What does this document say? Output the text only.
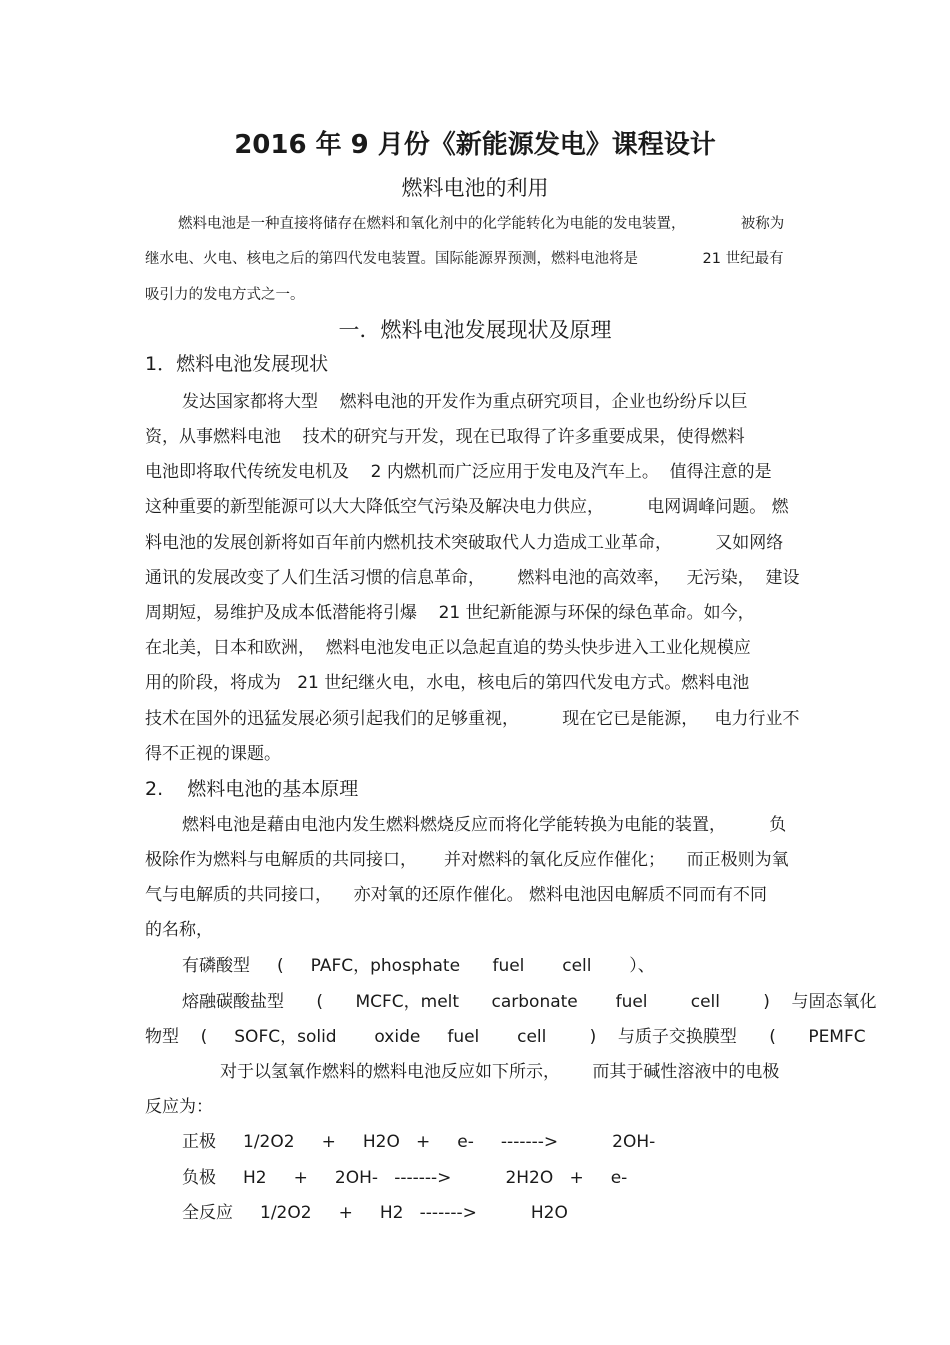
2016 年 9 月份《新能源发电》课程设计
燃料电池的利用
燃料电池是一种直接将储存在燃料和氧化剂中的化学能转化为电能的发电装置，            被称为
继水电、火电、核电之后的第四代发电装置。国际能源界预测，燃料电池将是              21 世纪最有
吸引力的发电方式之一。
一．燃料电池发展现状及原理
1．燃料电池发展现状
发达国家都将大型    燃料电池的开发作为重点研究项目，企业也纷纷斥以巨
资，从事燃料电池    技术的研究与开发，现在已取得了许多重要成果，使得燃料
电池即将取代传统发电机及    2 内燃机而广泛应用于发电及汽车上。  值得注意的是
这种重要的新型能源可以大大降低空气污染及解决电力供应，        电网调峰问题。 燃
料电池的发展创新将如百年前内燃机技术突破取代人力造成工业革命，        又如网络
通讯的发展改变了人们生活习惯的信息革命，      燃料电池的高效率，   无污染，  建设
周期短，易维护及成本低潜能将引爆    21 世纪新能源与环保的绿色革命。如今，
在北美，日本和欧洲，  燃料电池发电正以急起直追的势头快步进入工业化规模应
用的阶段，将成为   21 世纪继火电，水电，核电后的第四代发电方式。燃料电池
技术在国外的迅猛发展必须引起我们的足够重视，        现在它已是能源，   电力行业不
得不正视的课题。
2.    燃料电池的基本原理
燃料电池是藉由电池内发生燃料燃烧反应而将化学能转换为电能的装置，        负
极除作为燃料与电解质的共同接口，     并对燃料的氧化反应作催化；    而正极则为氧
气与电解质的共同接口，    亦对氧的还原作催化。 燃料电池因电解质不同而有不同
的名称，
有磷酸型     (     PAFC，phosphate      fuel       cell       ）、
熔融碳酸盐型      (      MCFC，melt      carbonate       fuel        cell        )    与固态氧化
物型    (     SOFC，solid       oxide     fuel       cell        )    与质子交换膜型      (      PEMFC
对于以氢氧作燃料的燃料电池反应如下所示，      而其于碱性溶液中的电极
反应为：
正极     1/2O2     +     H2O   +     e-     ------->          2OH-
负极     H2     +     2OH-   ------->          2H2O   +     e-
全反应     1/2O2     +     H2   ------->          H2O
